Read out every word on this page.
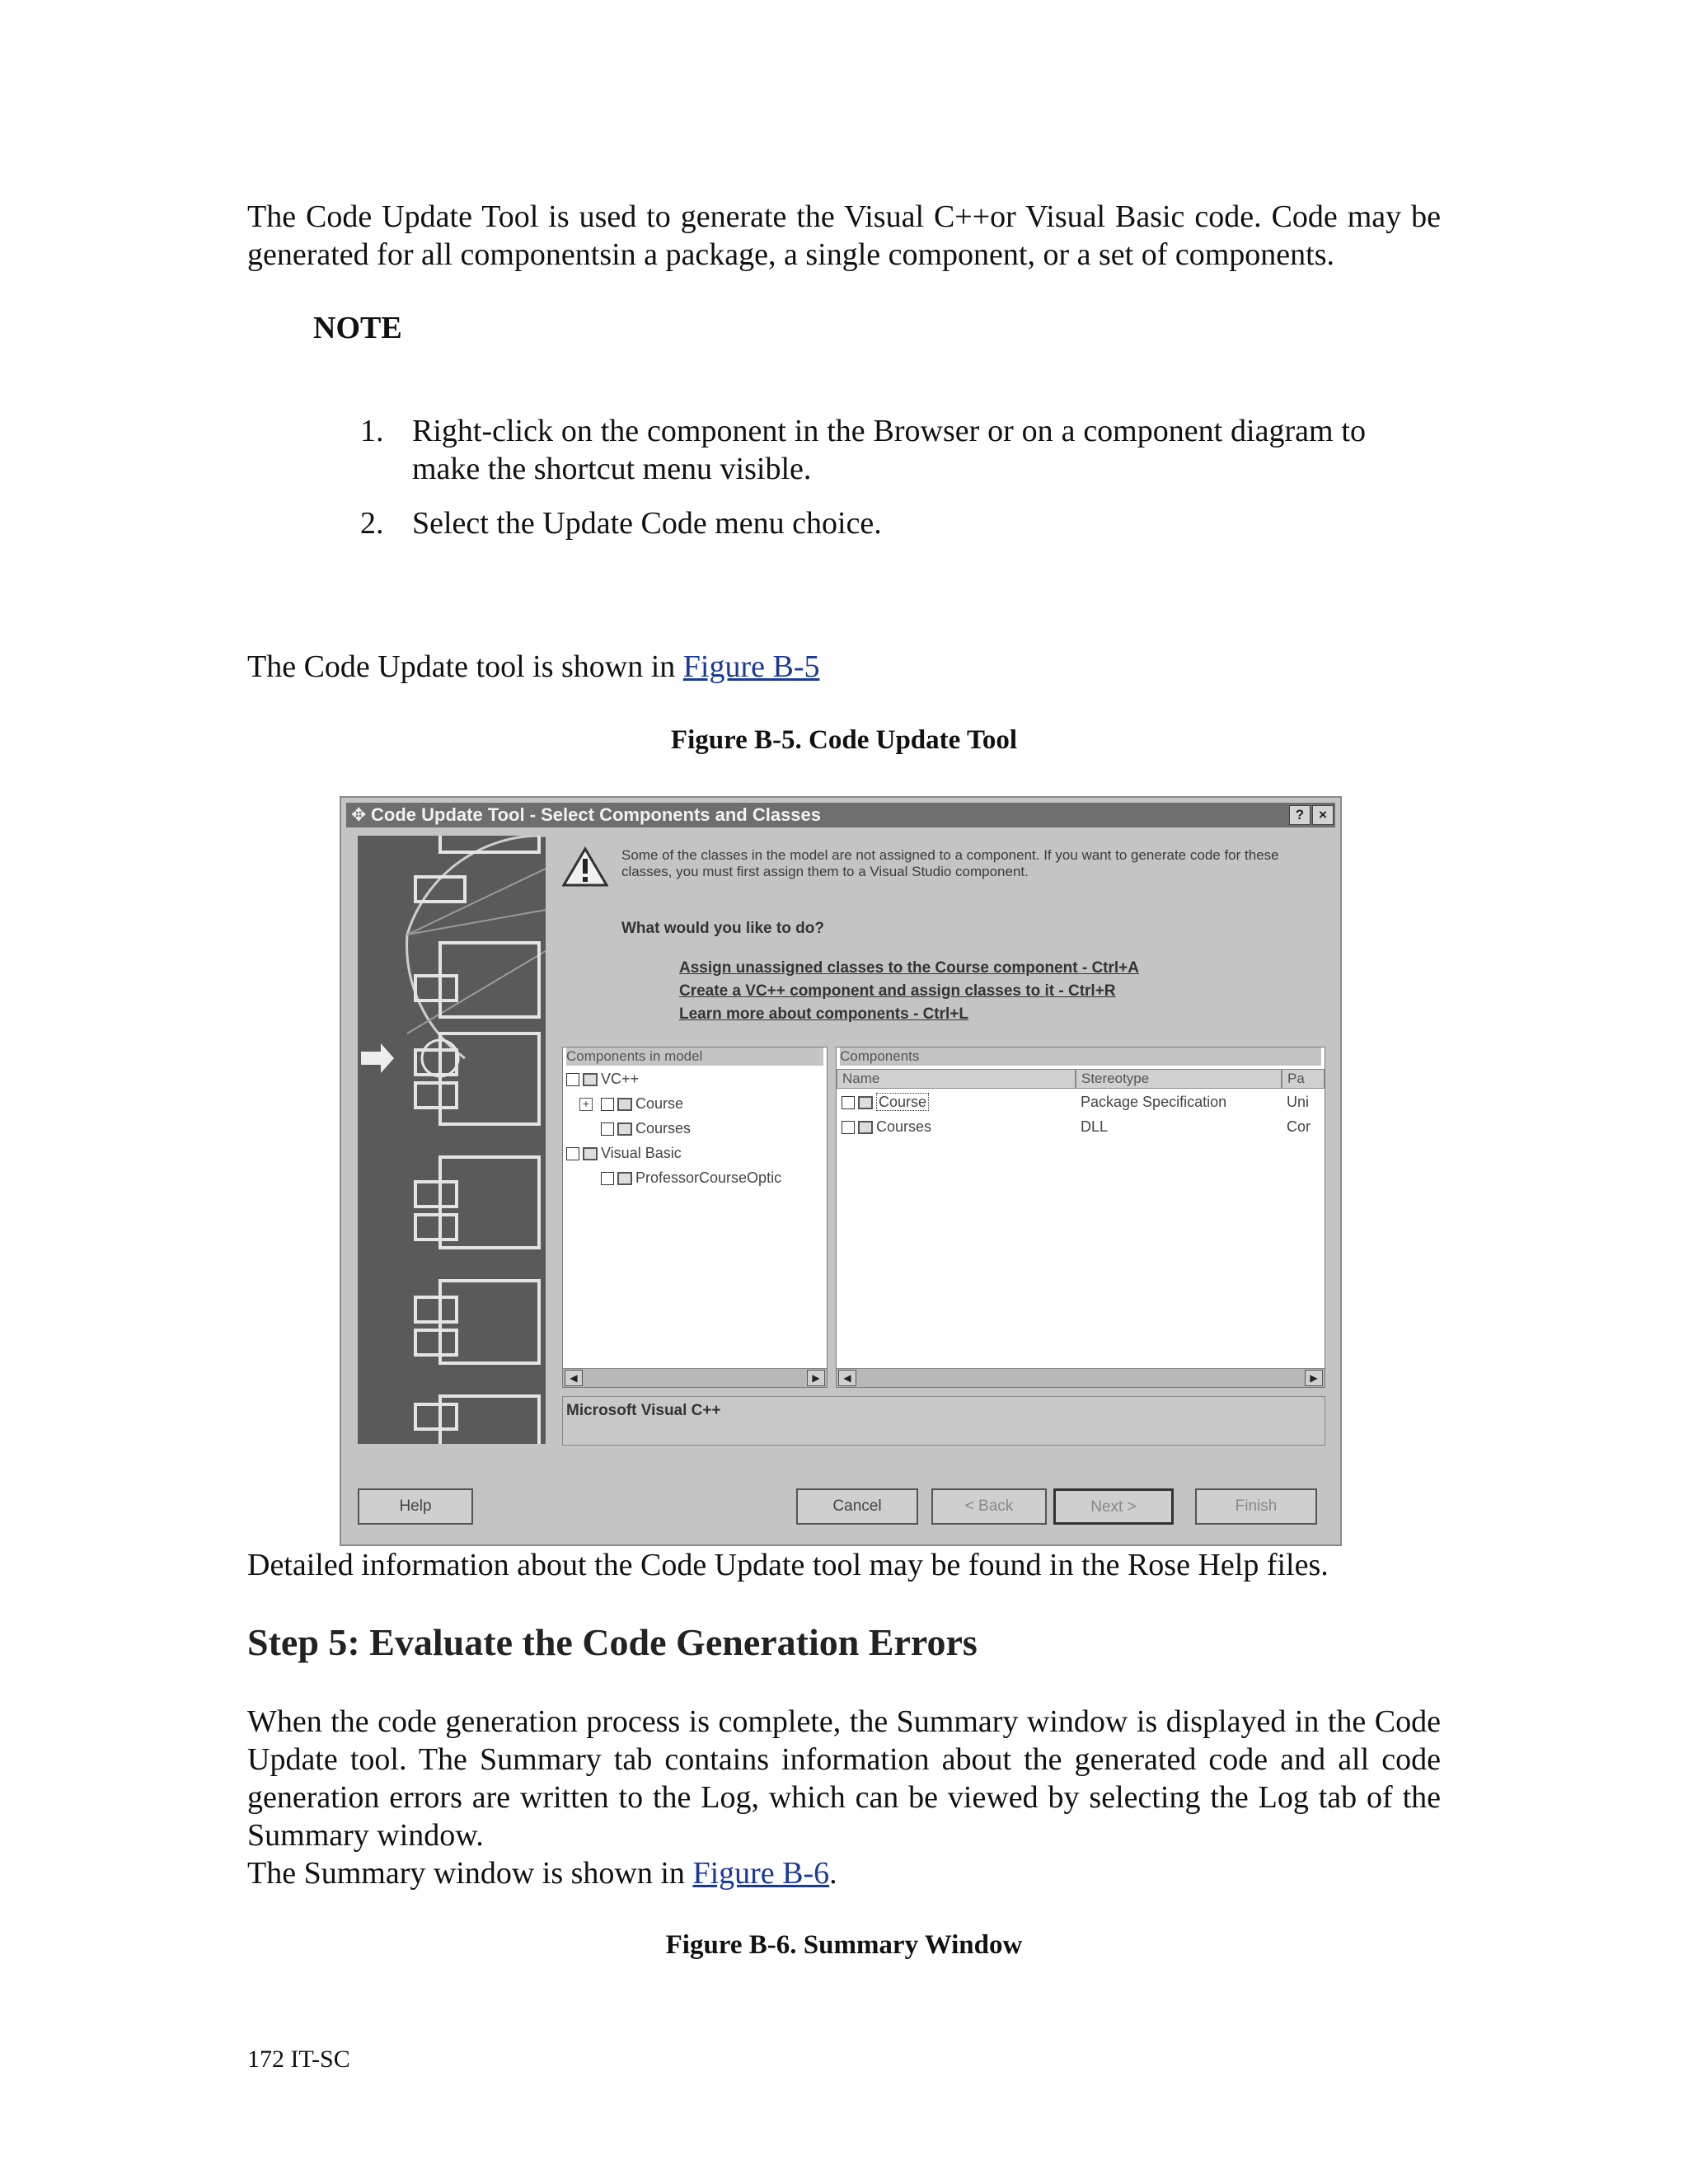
The Code Update Tool is used to generate the Visual C++or Visual Basic code. Code may be generated for all componentsin a package, a single component, or a set of components.

NOTE

1. Right-click on the component in the Browser or on a component diagram to make the shortcut menu visible.
2. Select the Update Code menu choice.

The Code Update tool is shown in Figure B-5

Figure B-5. Code Update Tool

✥ Code Update Tool - Select Components and Classes	?	×
Some of the classes in the model are not assigned to a component. If you want to generate code for these classes, you must first assign them to a Visual Studio component.
What would you like to do?
Assign unassigned classes to the Course component - Ctrl+A
Create a VC++ component and assign classes to it - Ctrl+R
Learn more about components - Ctrl+L
Components in model
VC++
+	Course
Courses
Visual Basic
ProfessorCourseOptic
◀	▶
Components
Name	Stereotype	Pa
Course	Package Specification	Uni
Courses	DLL	Cor
◀	▶
Microsoft Visual C++
Help	Cancel	< Back	Next >	Finish

Detailed information about the Code Update tool may be found in the Rose Help files.

Step 5: Evaluate the Code Generation Errors

When the code generation process is complete, the Summary window is displayed in the Code Update tool. The Summary tab contains information about the generated code and all code generation errors are written to the Log, which can be viewed by selecting the Log tab of the Summary window.

The Summary window is shown in Figure B-6.

Figure B-6. Summary Window

172 IT-SC
